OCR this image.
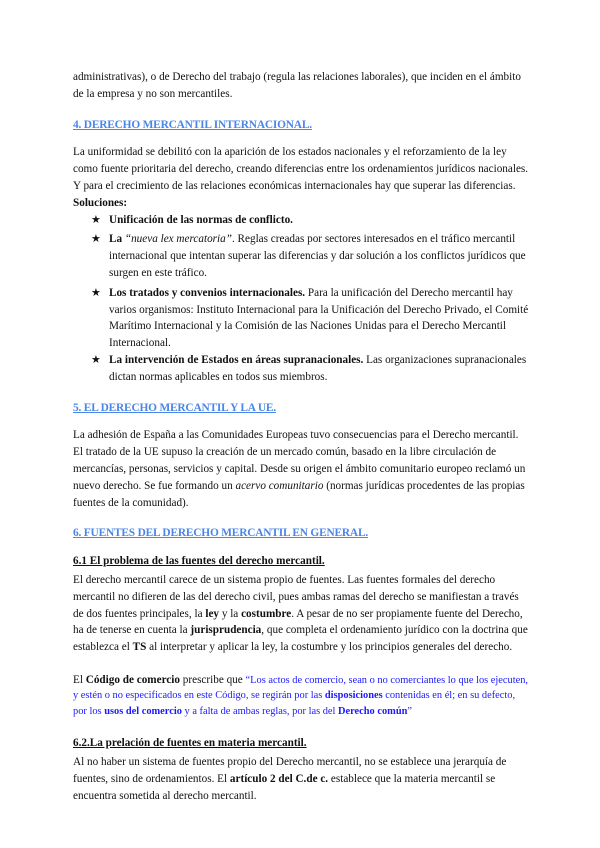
administrativas), o de Derecho del trabajo (regula las relaciones laborales), que inciden en el ámbito de la empresa y no son mercantiles.

4. DERECHO MERCANTIL INTERNACIONAL.

La uniformidad se debilitó con la aparición de los estados nacionales y el reforzamiento de la ley como fuente prioritaria del derecho, creando diferencias entre los ordenamientos jurídicos nacionales. Y para el crecimiento de las relaciones económicas internacionales hay que superar las diferencias.

Soluciones:

★ Unificación de las normas de conflicto.
★ La “nueva lex mercatoria”. Reglas creadas por sectores interesados en el tráfico mercantil internacional que intentan superar las diferencias y dar solución a los conflictos jurídicos que surgen en este tráfico.
★ Los tratados y convenios internacionales. Para la unificación del Derecho mercantil hay varios organismos: Instituto Internacional para la Unificación del Derecho Privado, el Comité Marítimo Internacional y la Comisión de las Naciones Unidas para el Derecho Mercantil Internacional.
★ La intervención de Estados en áreas supranacionales. Las organizaciones supranacionales dictan normas aplicables en todos sus miembros.

5. EL DERECHO MERCANTIL Y LA UE.

La adhesión de España a las Comunidades Europeas tuvo consecuencias para el Derecho mercantil. El tratado de la UE supuso la creación de un mercado común, basado en la libre circulación de mercancías, personas, servicios y capital. Desde su origen el ámbito comunitario europeo reclamó un nuevo derecho. Se fue formando un acervo comunitario (normas jurídicas procedentes de las propias fuentes de la comunidad).

6. FUENTES DEL DERECHO MERCANTIL EN GENERAL.

6.1 El problema de las fuentes del derecho mercantil.

El derecho mercantil carece de un sistema propio de fuentes. Las fuentes formales del derecho mercantil no difieren de las del derecho civil, pues ambas ramas del derecho se manifiestan a través de dos fuentes principales, la ley y la costumbre. A pesar de no ser propiamente fuente del Derecho, ha de tenerse en cuenta la jurisprudencia, que completa el ordenamiento jurídico con la doctrina que establezca el TS al interpretar y aplicar la ley, la costumbre y los principios generales del derecho.

El Código de comercio prescribe que “Los actos de comercio, sean o no comerciantes lo que los ejecuten, y estén o no especificados en este Código, se regirán por las disposiciones contenidas en él; en su defecto, por los usos del comercio y a falta de ambas reglas, por las del Derecho común”

6.2.La prelación de fuentes en materia mercantil.

Al no haber un sistema de fuentes propio del Derecho mercantil, no se establece una jerarquía de fuentes, sino de ordenamientos. El artículo 2 del C.de c. establece que la materia mercantil se encuentra sometida al derecho mercantil.
